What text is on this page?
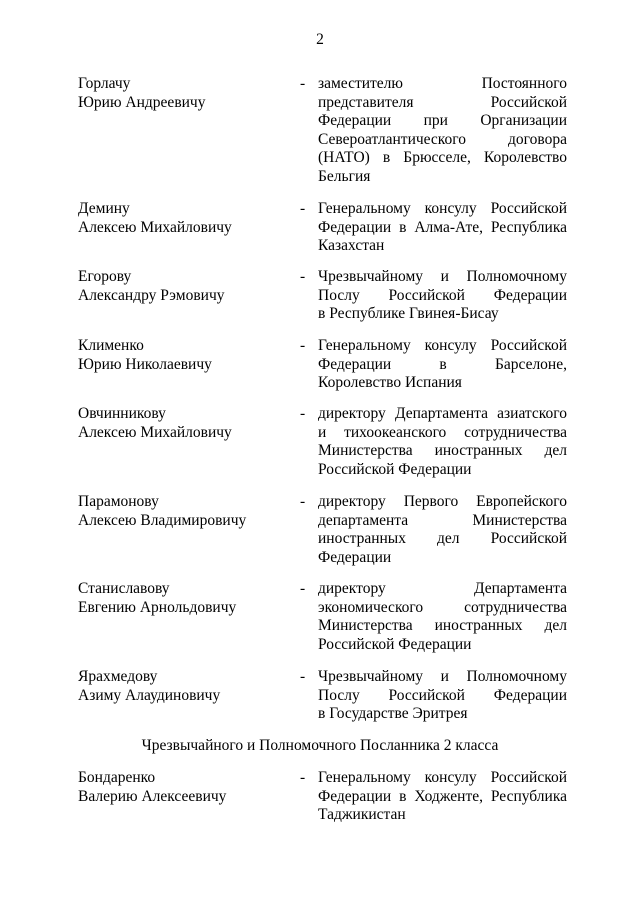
2
Горлачу
Юрию Андреевичу
- заместителю Постоянного
представителя Российской
Федерации при Организации
Североатлантического договора
(НАТО) в Брюсселе, Королевство
Бельгия
Демину
Алексею Михайловичу
- Генеральному консулу Российской
Федерации в Алма-Ате, Республика
Казахстан
Егорову
Александру Рэмовичу
- Чрезвычайному и Полномочному
Послу Российской Федерации
в Республике Гвинея-Бисау
Клименко
Юрию Николаевичу
- Генеральному консулу Российской
Федерации в Барселоне,
Королевство Испания
Овчинникову
Алексею Михайловичу
- директору Департамента азиатского
и тихоокеанского сотрудничества
Министерства иностранных дел
Российской Федерации
Парамонову
Алексею Владимировичу
- директору Первого Европейского
департамента Министерства
иностранных дел Российской
Федерации
Станиславову
Евгению Арнольдовичу
- директору Департамента
экономического сотрудничества
Министерства иностранных дел
Российской Федерации
Ярахмедову
Азиму Алаудиновичу
- Чрезвычайному и Полномочному
Послу Российской Федерации
в Государстве Эритрея
Чрезвычайного и Полномочного Посланника 2 класса
Бондаренко
Валерию Алексеевичу
- Генеральному консулу Российской
Федерации в Ходженте, Республика
Таджикистан
